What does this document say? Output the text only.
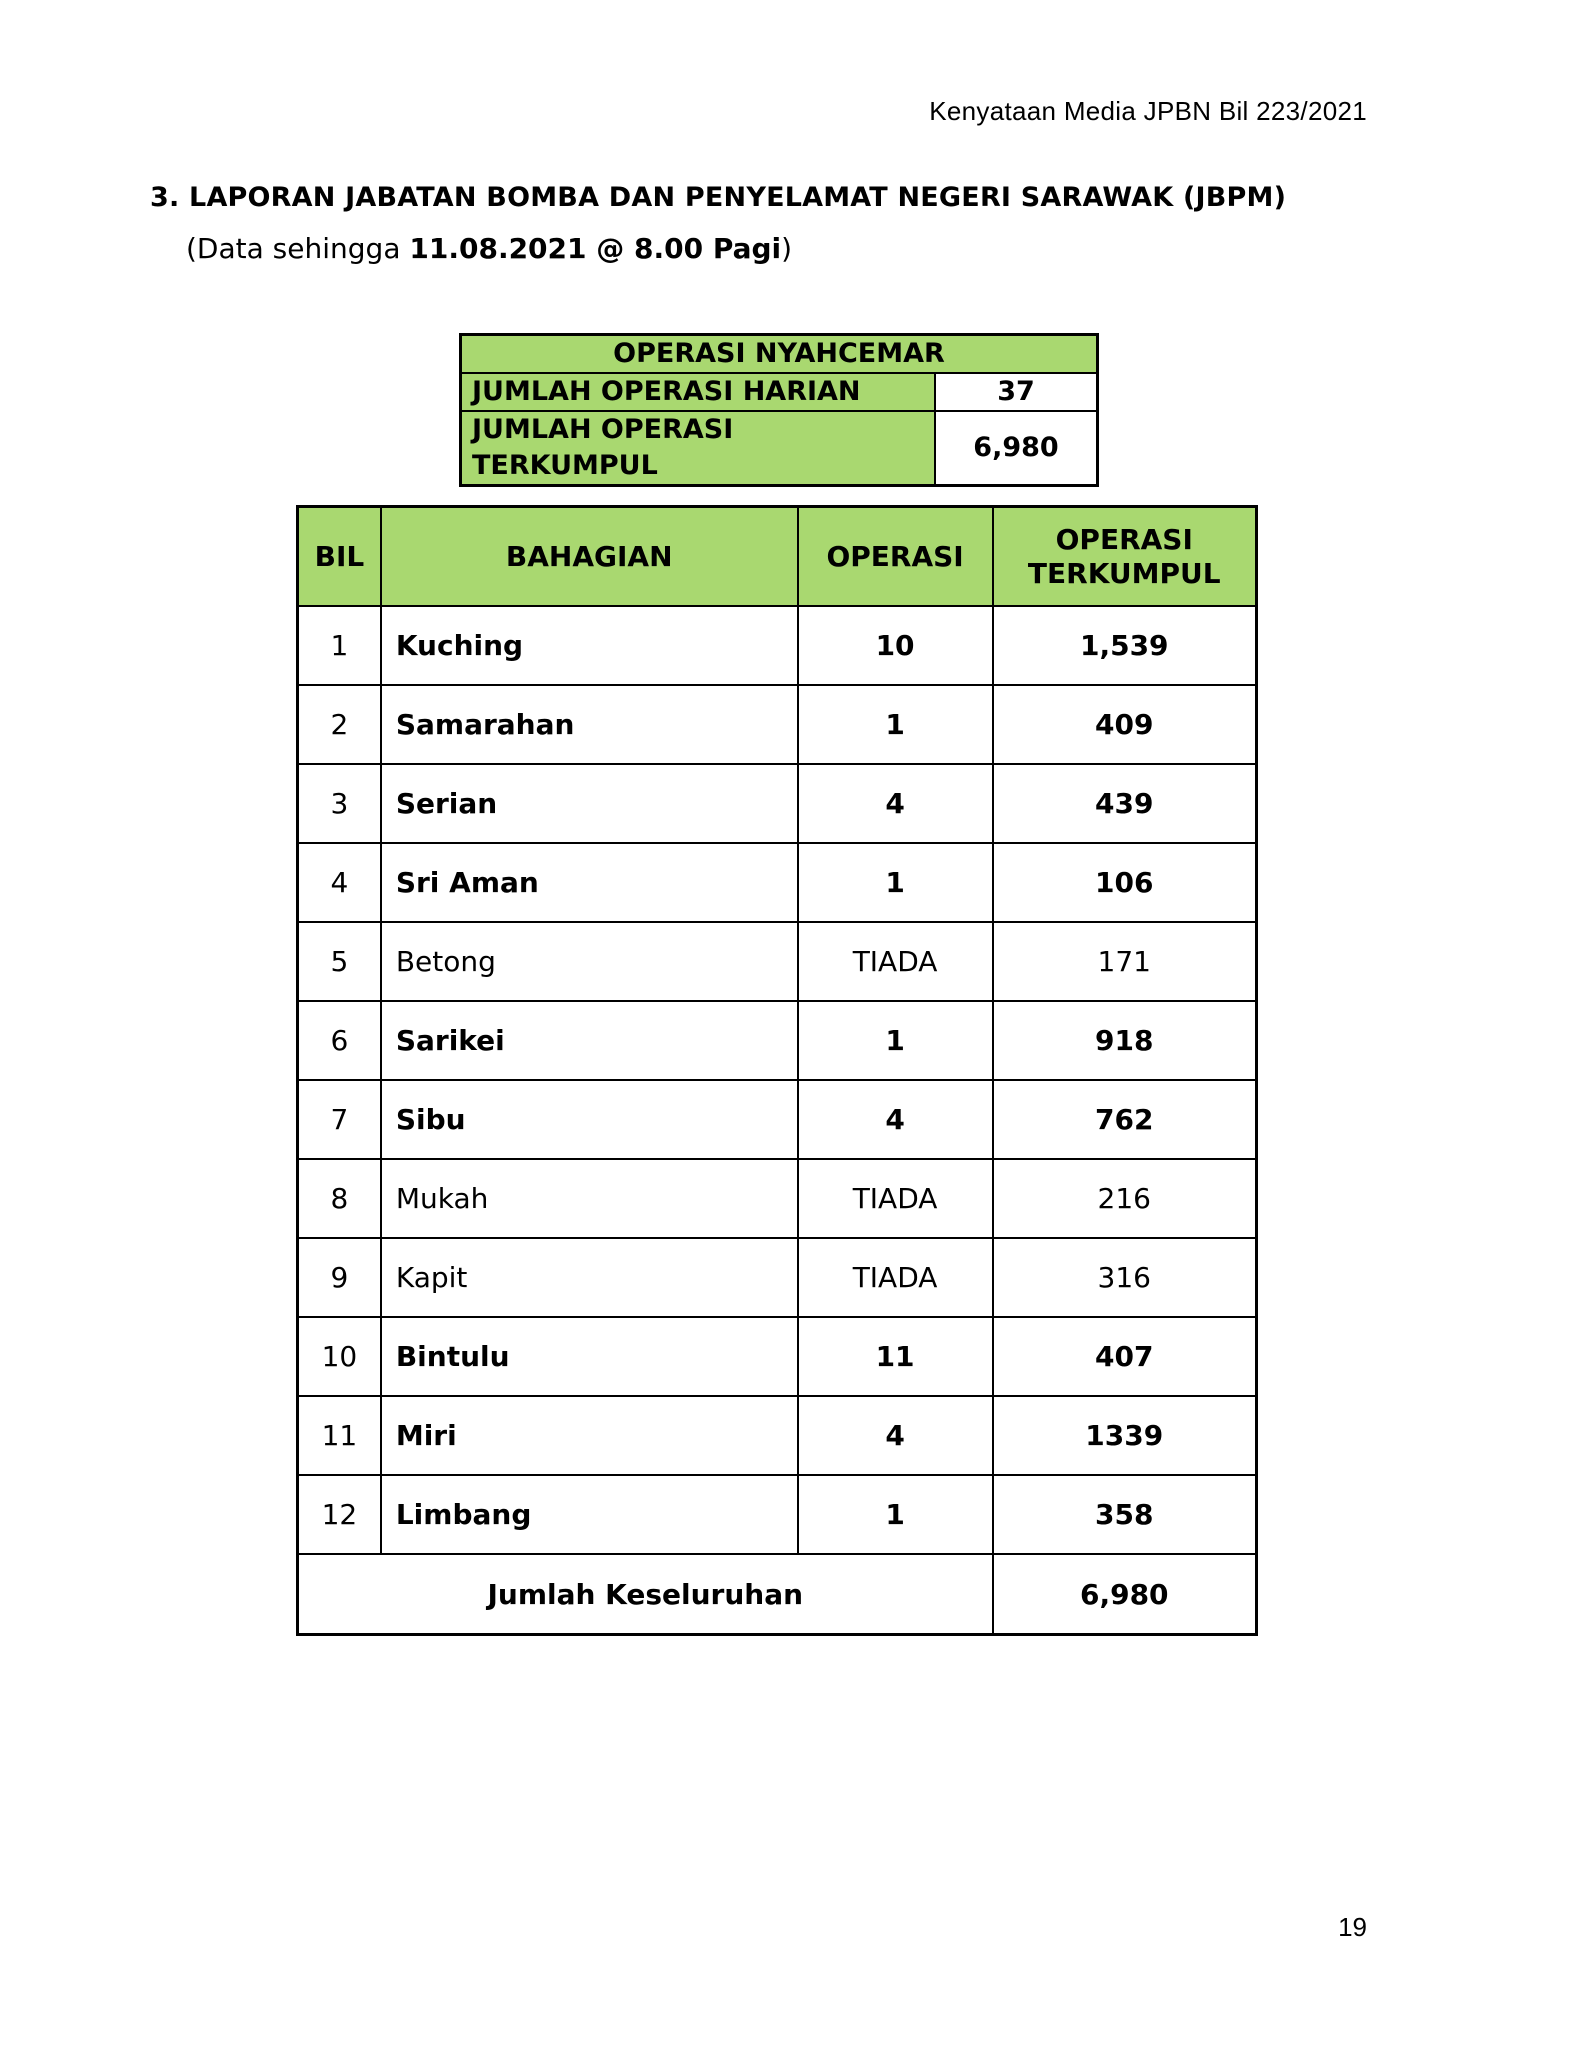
Kenyataan Media JPBN Bil 223/2021
3. LAPORAN JABATAN BOMBA DAN PENYELAMAT NEGERI SARAWAK (JBPM)
(Data sehingga 11.08.2021 @ 8.00 Pagi)
OPERASI NYAHCEMAR	
JUMLAH OPERASI HARIAN	37
JUMLAH OPERASI TERKUMPUL	6,980
BIL	BAHAGIAN	OPERASI	OPERASI
TERKUMPUL
1	Kuching	10	1,539
2	Samarahan	1	409
3	Serian	4	439
4	Sri Aman	1	106
5	Betong	TIADA	171
6	Sarikei	1	918
7	Sibu	4	762
8	Mukah	TIADA	216
9	Kapit	TIADA	316
10	Bintulu	11	407
11	Miri	4	1339
12	Limbang	1	358
Jumlah Keseluruhan			6,980
19
